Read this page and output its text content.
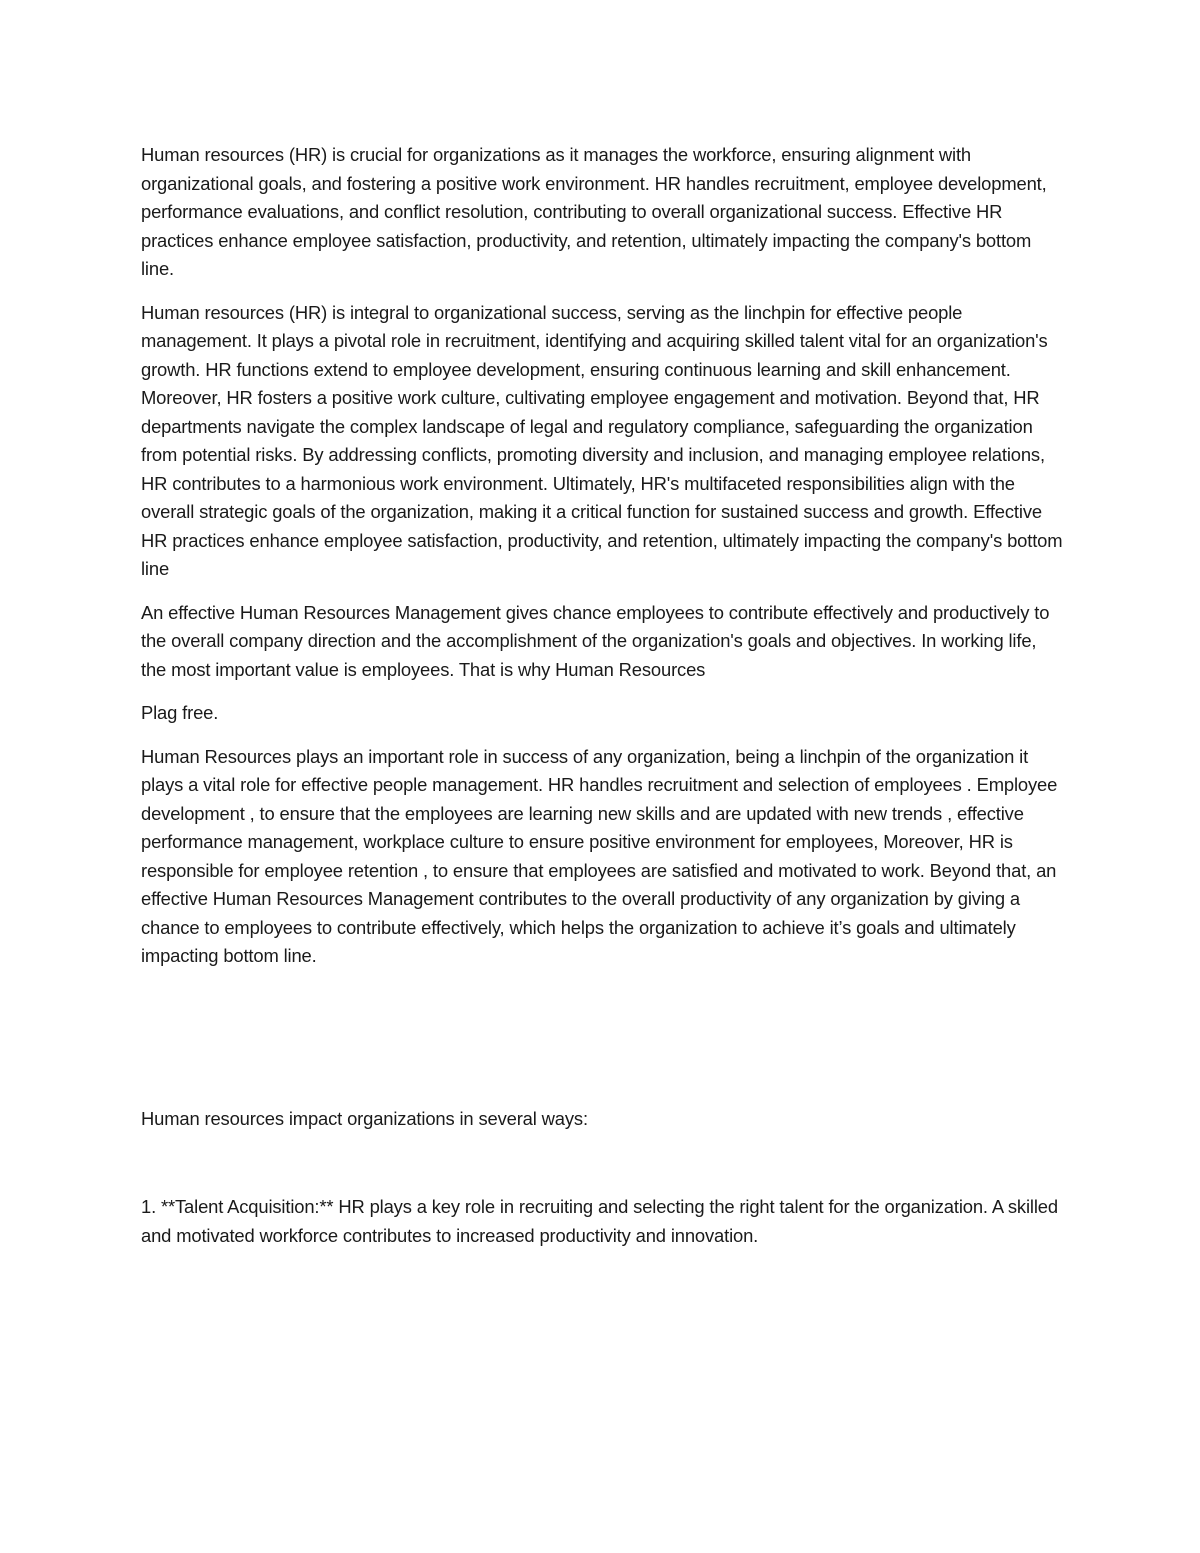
Human resources (HR) is crucial for organizations as it manages the workforce, ensuring alignment with organizational goals, and fostering a positive work environment. HR handles recruitment, employee development, performance evaluations, and conflict resolution, contributing to overall organizational success. Effective HR practices enhance employee satisfaction, productivity, and retention, ultimately impacting the company's bottom line.

Human resources (HR) is integral to organizational success, serving as the linchpin for effective people management. It plays a pivotal role in recruitment, identifying and acquiring skilled talent vital for an organization's growth. HR functions extend to employee development, ensuring continuous learning and skill enhancement. Moreover, HR fosters a positive work culture, cultivating employee engagement and motivation. Beyond that, HR departments navigate the complex landscape of legal and regulatory compliance, safeguarding the organization from potential risks. By addressing conflicts, promoting diversity and inclusion, and managing employee relations, HR contributes to a harmonious work environment. Ultimately, HR's multifaceted responsibilities align with the overall strategic goals of the organization, making it a critical function for sustained success and growth. Effective HR practices enhance employee satisfaction, productivity, and retention, ultimately impacting the company's bottom line

An effective Human Resources Management gives chance employees to contribute effectively and productively to the overall company direction and the accomplishment of the organization's goals and objectives. In working life, the most important value is employees. That is why Human Resources

Plag free.

Human Resources plays an important role in success of any organization, being a linchpin of the organization it plays a vital role for effective people management. HR handles recruitment and selection of employees . Employee development , to ensure that the employees are learning new skills and are updated with new trends , effective performance management, workplace culture to ensure positive environment for employees, Moreover, HR is responsible for employee retention , to ensure that employees are satisfied and motivated to work. Beyond that, an effective Human Resources Management contributes to the overall productivity of any organization by giving a chance to employees to contribute effectively, which helps the organization to achieve it’s goals and ultimately impacting bottom line.

Human resources impact organizations in several ways:

1. **Talent Acquisition:** HR plays a key role in recruiting and selecting the right talent for the organization. A skilled and motivated workforce contributes to increased productivity and innovation.
